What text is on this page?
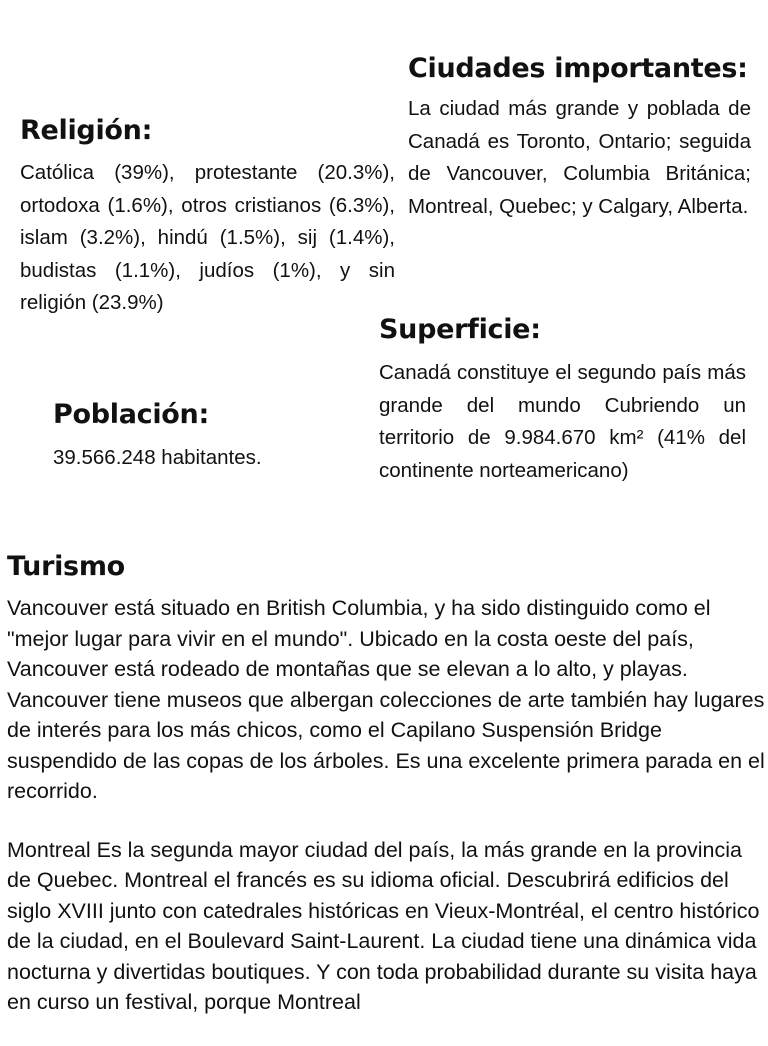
Ciudades importantes:

La ciudad más grande y poblada de Canadá es Toronto, Ontario; seguida de Vancouver, Columbia Británica; Montreal, Quebec; y Calgary, Alberta.

Religión:

Católica (39%), protestante (20.3%), ortodoxa (1.6%), otros cristianos (6.3%), islam (3.2%), hindú (1.5%), sij (1.4%), budistas (1.1%), judíos (1%), y sin religión (23.9%)

Superficie:

Canadá constituye el segundo país más grande del mundo Cubriendo un territorio de 9.984.670 km² (41% del continente norteamericano)

Población:

39.566.248 habitantes.

Turismo

Vancouver está situado en British Columbia, y ha sido distinguido como el "mejor lugar para vivir en el mundo". Ubicado en la costa oeste del país, Vancouver está rodeado de montañas que se elevan a lo alto, y playas. Vancouver tiene museos que albergan colecciones de arte también hay lugares de interés para los más chicos, como el Capilano Suspensión Bridge suspendido de las copas de los árboles. Es una excelente primera parada en el recorrido.

Montreal Es la segunda mayor ciudad del país, la más grande en la provincia de Quebec. Montreal el francés es su idioma oficial. Descubrirá edificios del siglo XVIII junto con catedrales históricas en Vieux-Montréal, el centro histórico de la ciudad, en el Boulevard Saint-Laurent. La ciudad tiene una dinámica vida nocturna y divertidas boutiques. Y con toda probabilidad durante su visita haya en curso un festival, porque Montreal
